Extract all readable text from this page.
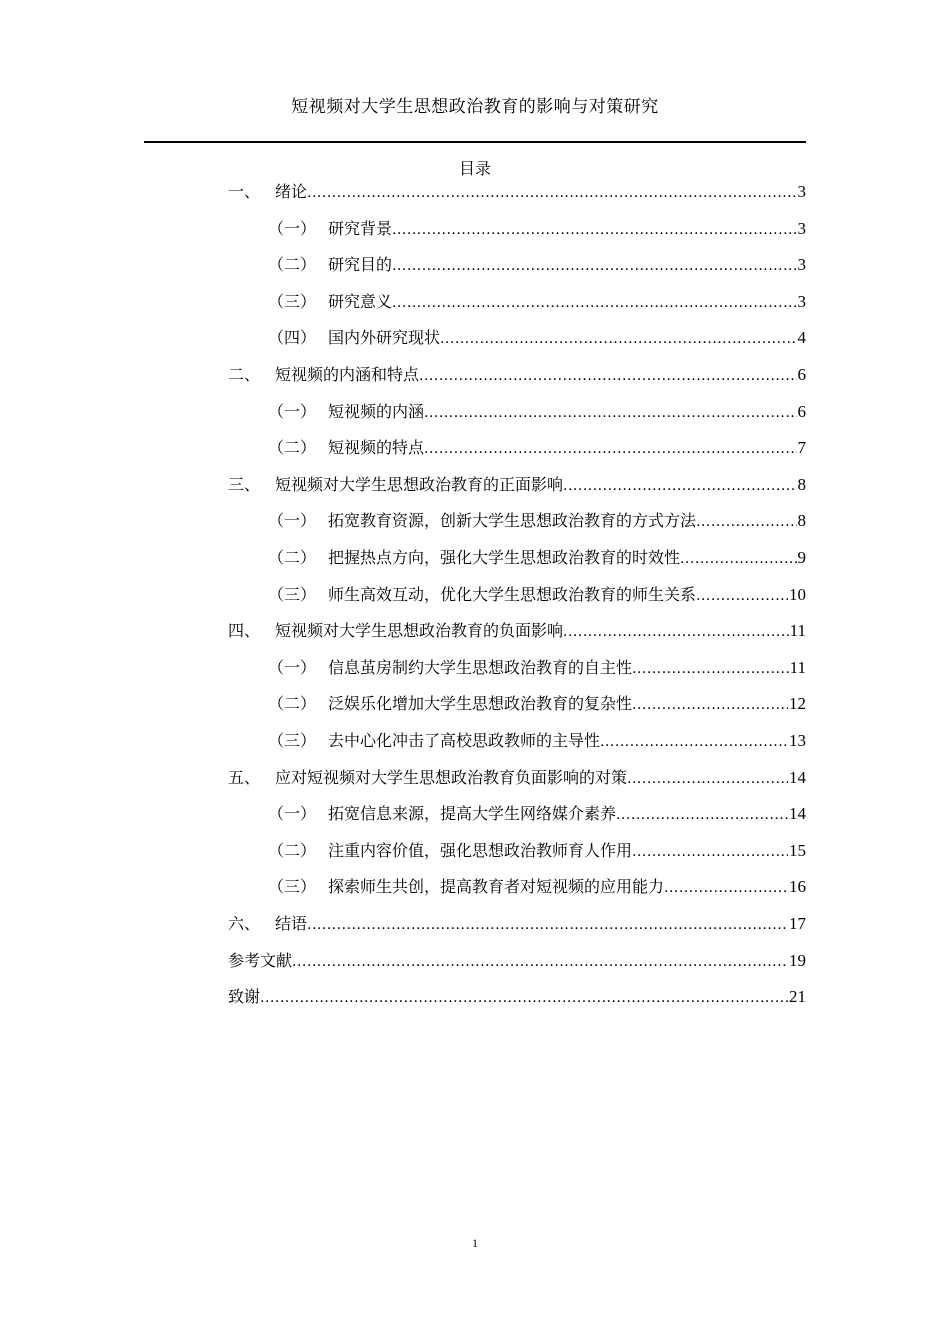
短视频对大学生思想政治教育的影响与对策研究
目录
一、 绪论 .....	3
（一） 研究背景 .....	3
（二） 研究目的 .....	3
（三） 研究意义 .....	3
（四） 国内外研究现状 .....	4
二、 短视频的内涵和特点 .....	6
（一） 短视频的内涵 .....	6
（二） 短视频的特点 .....	7
三、 短视频对大学生思想政治教育的正面影响 .....	8
（一） 拓宽教育资源，创新大学生思想政治教育的方式方法 .....	8
（二） 把握热点方向，强化大学生思想政治教育的时效性 .....	9
（三） 师生高效互动，优化大学生思想政治教育的师生关系 .....	10
四、 短视频对大学生思想政治教育的负面影响 .....	11
（一） 信息茧房制约大学生思想政治教育的自主性 .....	11
（二） 泛娱乐化增加大学生思想政治教育的复杂性 .....	12
（三） 去中心化冲击了高校思政教师的主导性 .....	13
五、 应对短视频对大学生思想政治教育负面影响的对策 .....	14
（一） 拓宽信息来源，提高大学生网络媒介素养 .....	14
（二） 注重内容价值，强化思想政治教师育人作用 .....	15
（三） 探索师生共创，提高教育者对短视频的应用能力 .....	16
六、 结语 .....	17
参考文献 .....	19
致谢 .....	21
1
